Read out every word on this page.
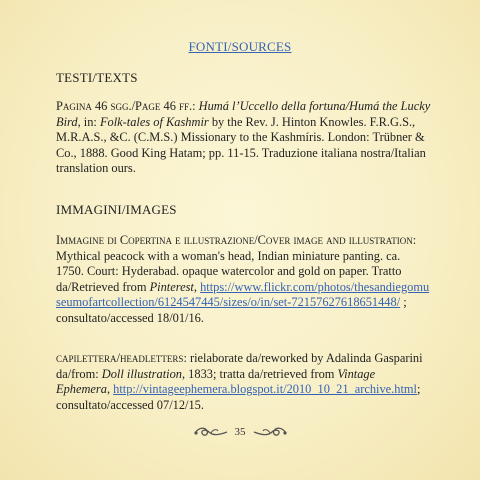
FONTI/SOURCES
TESTI/TEXTS

Pagina 46 sgg./Page 46 ff.: Humá l’Uccello della fortuna/Humá the Lucky Bird, in: Folk-tales of Kashmir by the Rev. J. Hinton Knowles. F.R.G.S., M.R.A.S., &C. (C.M.S.) Missionary to the Kashmíris. London: Trübner & Co., 1888. Good King Hatam; pp. 11-15. Traduzione italiana nostra/Italian translation ours.

IMMAGINI/IMAGES

Immagine di Copertina e illustrazione/Cover image and illustration: Mythical peacock with a woman's head, Indian miniature panting. ca. 1750. Court: Hyderabad. opaque watercolor and gold on paper. Tratto da/Retrieved from Pinterest, https://www.flickr.com/photos/thesandiegomuseumofartcollection/6124547445/sizes/o/in/set-72157627618651448/ ; consultato/accessed 18/01/16.

capilettera/headletters: rielaborate da/reworked by Adalinda Gasparini da/from: Doll illustration, 1833; tratta da/retrieved from Vintage Ephemera, http://vintageephemera.blogspot.it/2010_10_21_archive.html; consultato/accessed 07/12/15.

35
